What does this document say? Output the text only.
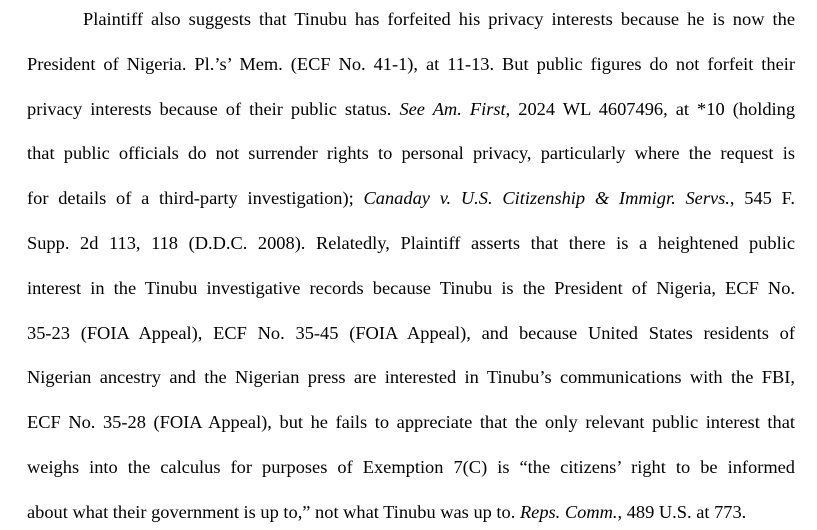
Plaintiff also suggests that Tinubu has forfeited his privacy interests because he is now the
President of Nigeria. Pl.’s’ Mem. (ECF No. 41-1), at 11-13. But public figures do not forfeit their
privacy interests because of their public status. See Am. First, 2024 WL 4607496, at *10 (holding
that public officials do not surrender rights to personal privacy, particularly where the request is
for details of a third-party investigation); Canaday v. U.S. Citizenship & Immigr. Servs., 545 F.
Supp. 2d 113, 118 (D.D.C. 2008). Relatedly, Plaintiff asserts that there is a heightened public
interest in the Tinubu investigative records because Tinubu is the President of Nigeria, ECF No.
35-23 (FOIA Appeal), ECF No. 35-45 (FOIA Appeal), and because United States residents of
Nigerian ancestry and the Nigerian press are interested in Tinubu’s communications with the FBI,
ECF No. 35-28 (FOIA Appeal), but he fails to appreciate that the only relevant public interest that
weighs into the calculus for purposes of Exemption 7(C) is “the citizens’ right to be informed
about what their government is up to,” not what Tinubu was up to. Reps. Comm., 489 U.S. at 773.
